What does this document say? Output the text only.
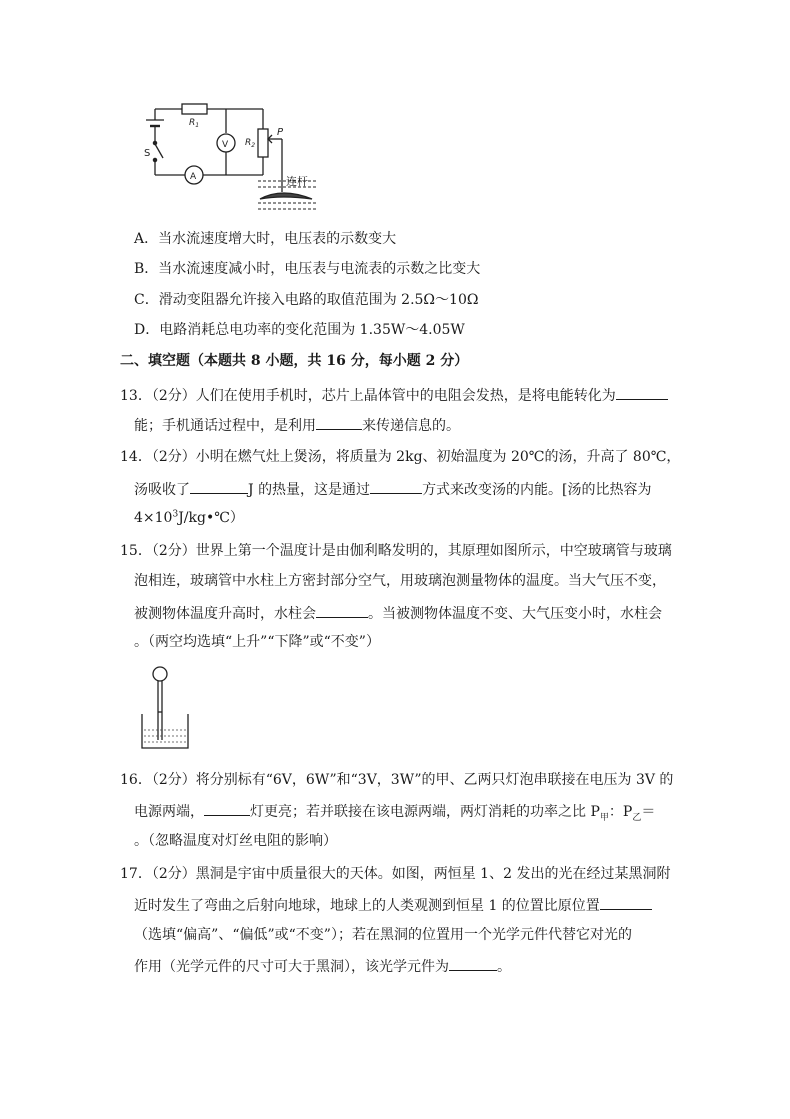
$R_1$
$R_2$
P
S
V
A	连杆
A．当水流速度增大时，电压表的示数变大
B．当水流速度减小时，电压表与电流表的示数之比变大
C．滑动变阻器允许接入电路的取值范围为 2.5Ω～10Ω
D．电路消耗总电功率的变化范围为 1.35W～4.05W
二、填空题（本题共 8 小题，共 16 分，每小题 2 分）
13．（2分）人们在使用手机时，芯片上晶体管中的电阻会发热，是将电能转化为
能；手机通话过程中，是利用	来传递信息的。
14．（2分）小明在燃气灶上煲汤，将质量为 2kg、初始温度为 20℃的汤，升高了 80℃，
汤吸收了	J 的热量，这是通过	方式来改变汤的内能。[汤的比热容为
$4\times 10^3J/kg•℃$）
15．（2分）世界上第一个温度计是由伽利略发明的，其原理如图所示，中空玻璃管与玻璃
泡相连，玻璃管中水柱上方密封部分空气，用玻璃泡测量物体的温度。当大气压不变，
被测物体温度升高时，水柱会	。当被测物体温度不变、大气压变小时，水柱会
。（两空均选填“上升”“下降”或“不变”）
16．（2分）将分别标有“6V，6W”和“3V，3W”的甲、乙两只灯泡串联接在电压为 3V 的
电源两端，	灯更亮；若并联接在该电源两端，两灯消耗的功率之比 $P_甲$：$P_乙=$
。（忽略温度对灯丝电阻的影响）
17．（2分）黑洞是宇宙中质量很大的天体。如图，两恒星 1、2 发出的光在经过某黑洞附
近时发生了弯曲之后射向地球，地球上的人类观测到恒星 1 的位置比原位置
（选填“偏高”、“偏低”或“不变”）；若在黑洞的位置用一个光学元件代替它对光的
作用（光学元件的尺寸可大于黑洞），该光学元件为	。
